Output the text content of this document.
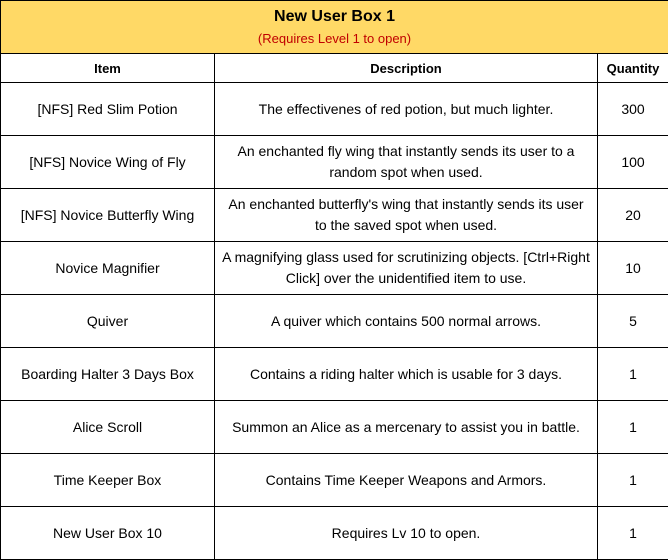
New User Box 1
(Requires Level 1 to open)		

Item	Description	Quantity
[NFS] Red Slim Potion	The effectivenes of red potion, but much lighter.	300
[NFS] Novice Wing of Fly	An enchanted fly wing that instantly sends its user to a random spot when used.	100
[NFS] Novice Butterfly Wing	An enchanted butterfly's wing that instantly sends its user to the saved spot when used.	20
Novice Magnifier	A magnifying glass used for scrutinizing objects. [Ctrl+Right Click] over the unidentified item to use.	10
Quiver	A quiver which contains 500 normal arrows.	5
Boarding Halter 3 Days Box	Contains a riding halter which is usable for 3 days.	1
Alice Scroll	Summon an Alice as a mercenary to assist you in battle.	1
Time Keeper Box	Contains Time Keeper Weapons and Armors.	1
New User Box 10	Requires Lv 10 to open.	1
